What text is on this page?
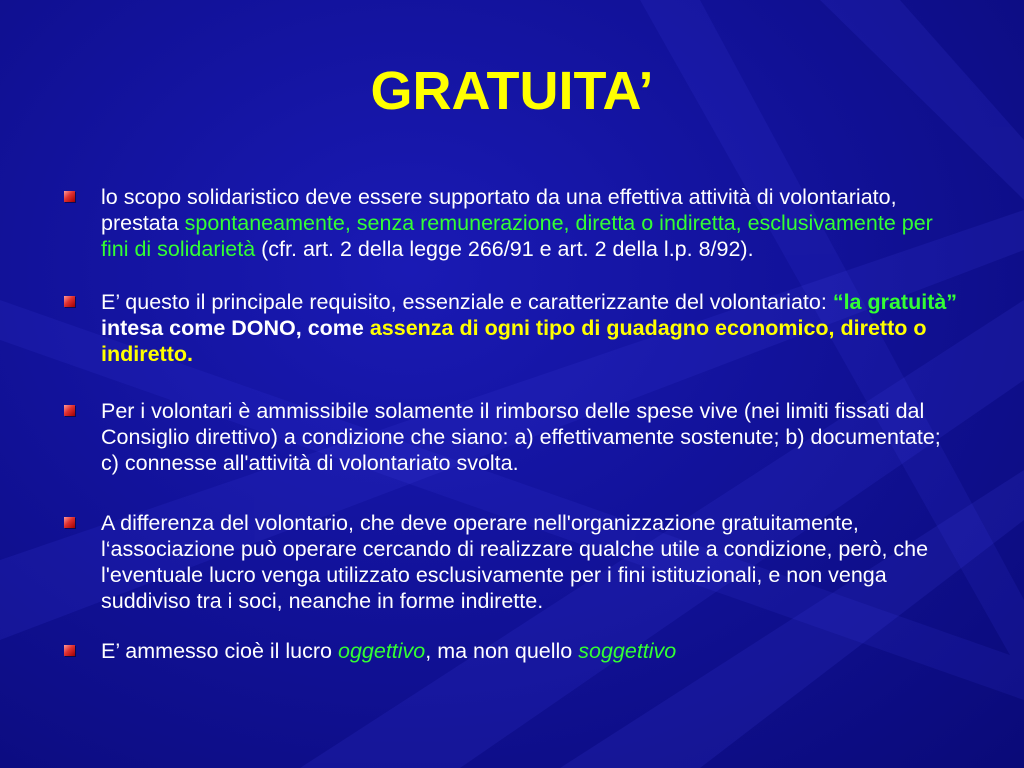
GRATUITA’
lo scopo solidaristico deve essere supportato da una effettiva attività di volontariato, prestata spontaneamente, senza remunerazione, diretta o indiretta, esclusivamente per fini di solidarietà (cfr. art. 2 della legge 266/91 e art. 2 della l.p. 8/92).
E’ questo il principale requisito, essenziale e caratterizzante del volontariato: “la gratuità” intesa come DONO, come assenza di ogni tipo di guadagno economico, diretto o indiretto.
Per i volontari è ammissibile solamente il rimborso delle spese vive (nei limiti fissati dal Consiglio direttivo) a condizione che siano: a) effettivamente sostenute; b) documentate; c) connesse all'attività di volontariato svolta.
A differenza del volontario, che deve operare nell'organizzazione gratuitamente, l‘associazione può operare cercando di realizzare qualche utile a condizione, però, che l'eventuale lucro venga utilizzato esclusivamente per i fini istituzionali, e non venga suddiviso tra i soci, neanche in forme indirette.
E’ ammesso cioè il lucro oggettivo, ma non quello soggettivo
